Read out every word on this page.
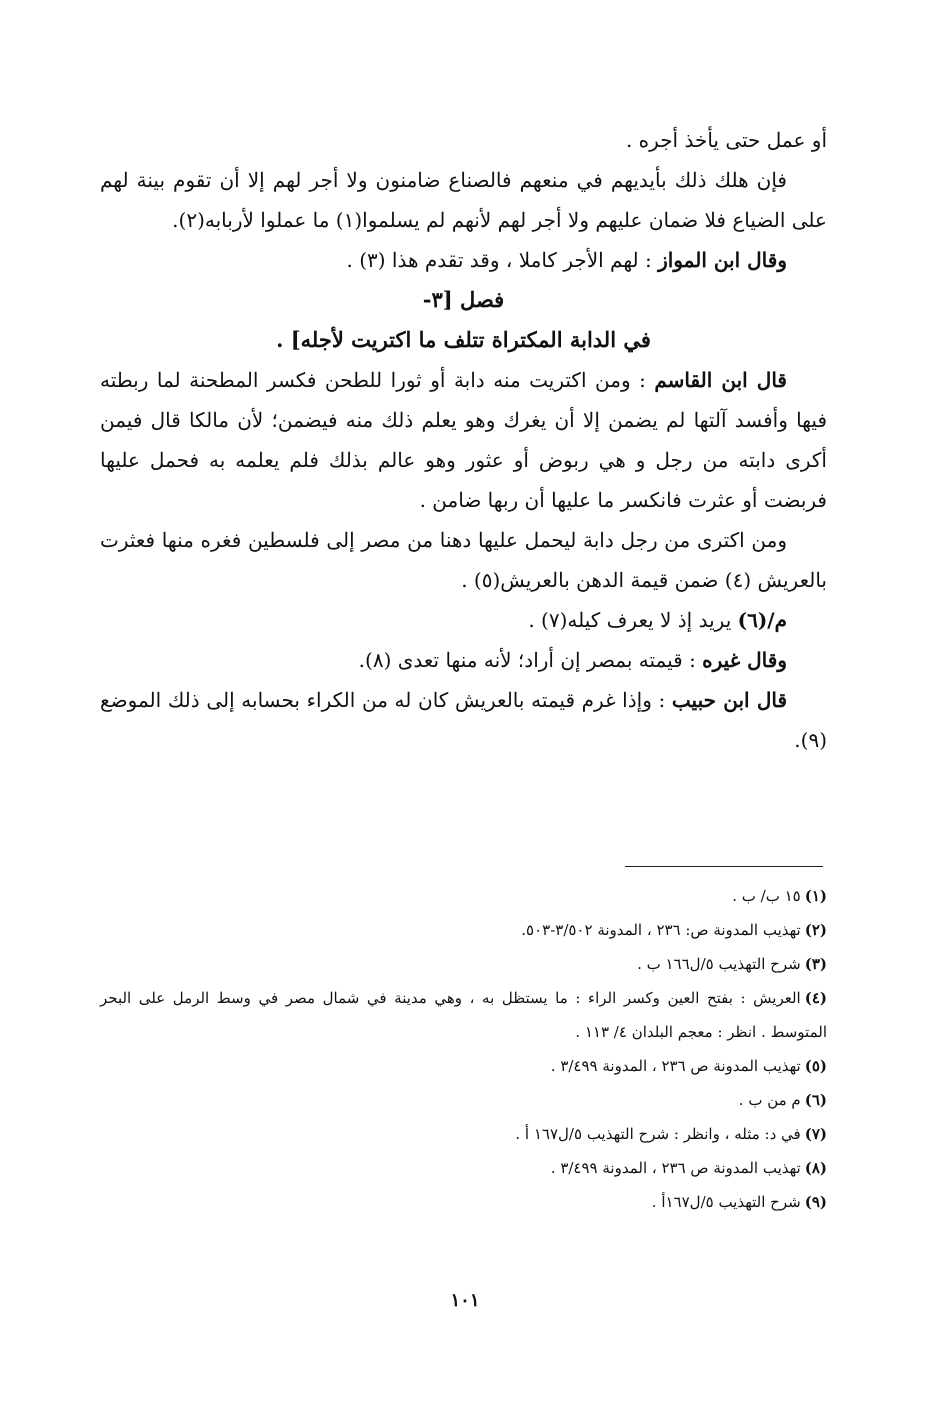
أو عمل حتى يأخذ أجره .

فإن هلك ذلك بأيديهم في منعهم فالصناع ضامنون ولا أجر لهم إلا أن تقوم بينة لهم على الضياع فلا ضمان عليهم ولا أجر لهم لأنهم لم يسلموا(١) ما عملوا لأربابه(٢).

وقال ابن المواز : لهم الأجر كاملا ، وقد تقدم هذا (٣) .

فصل [٣-

في الدابة المكتراة تتلف ما اكتريت لأجله] .

قال ابن القاسم : ومن اكتريت منه دابة أو ثورا للطحن فكسر المطحنة لما ربطته فيها وأفسد آلتها لم يضمن إلا أن يغرك وهو يعلم ذلك منه فيضمن؛ لأن مالكا قال فيمن أكرى دابته من رجل و هي ربوض أو عثور وهو عالم بذلك فلم يعلمه به فحمل عليها فربضت أو عثرت فانكسر ما عليها أن ربها ضامن .

ومن اكترى من رجل دابة ليحمل عليها دهنا من مصر إلى فلسطين فغره منها فعثرت بالعريش (٤) ضمن قيمة الدهن بالعريش(٥) .

م/(٦) يريد إذ لا يعرف كيله(٧) .

وقال غيره : قيمته بمصر إن أراد؛ لأنه منها تعدى (٨).

قال ابن حبيب : وإذا غرم قيمته بالعريش كان له من الكراء بحسابه إلى ذلك الموضع (٩).

(١)١٥ ب/ ب .

(٢)تهذيب المدونة ص: ٢٣٦ ، المدونة ٣/٥٠٢-٥٠٣.

(٣)شرح التهذيب ٥/ل١٦٦ ب .

(٤)العريش : بفتح العين وكسر الراء : ما يستظل به ، وهي مدينة في شمال مصر في وسط الرمل على البحر المتوسط . انظر : معجم البلدان ٤/ ١١٣ .

(٥)تهذيب المدونة ص ٢٣٦ ، المدونة ٣/٤٩٩ .

(٦)م من ب .

(٧)في د: مثله ، وانظر : شرح التهذيب ٥/ل١٦٧ أ .

(٨)تهذيب المدونة ص ٢٣٦ ، المدونة ٣/٤٩٩ .

(٩)شرح التهذيب ٥/ل١٦٧أ .

١٠١
